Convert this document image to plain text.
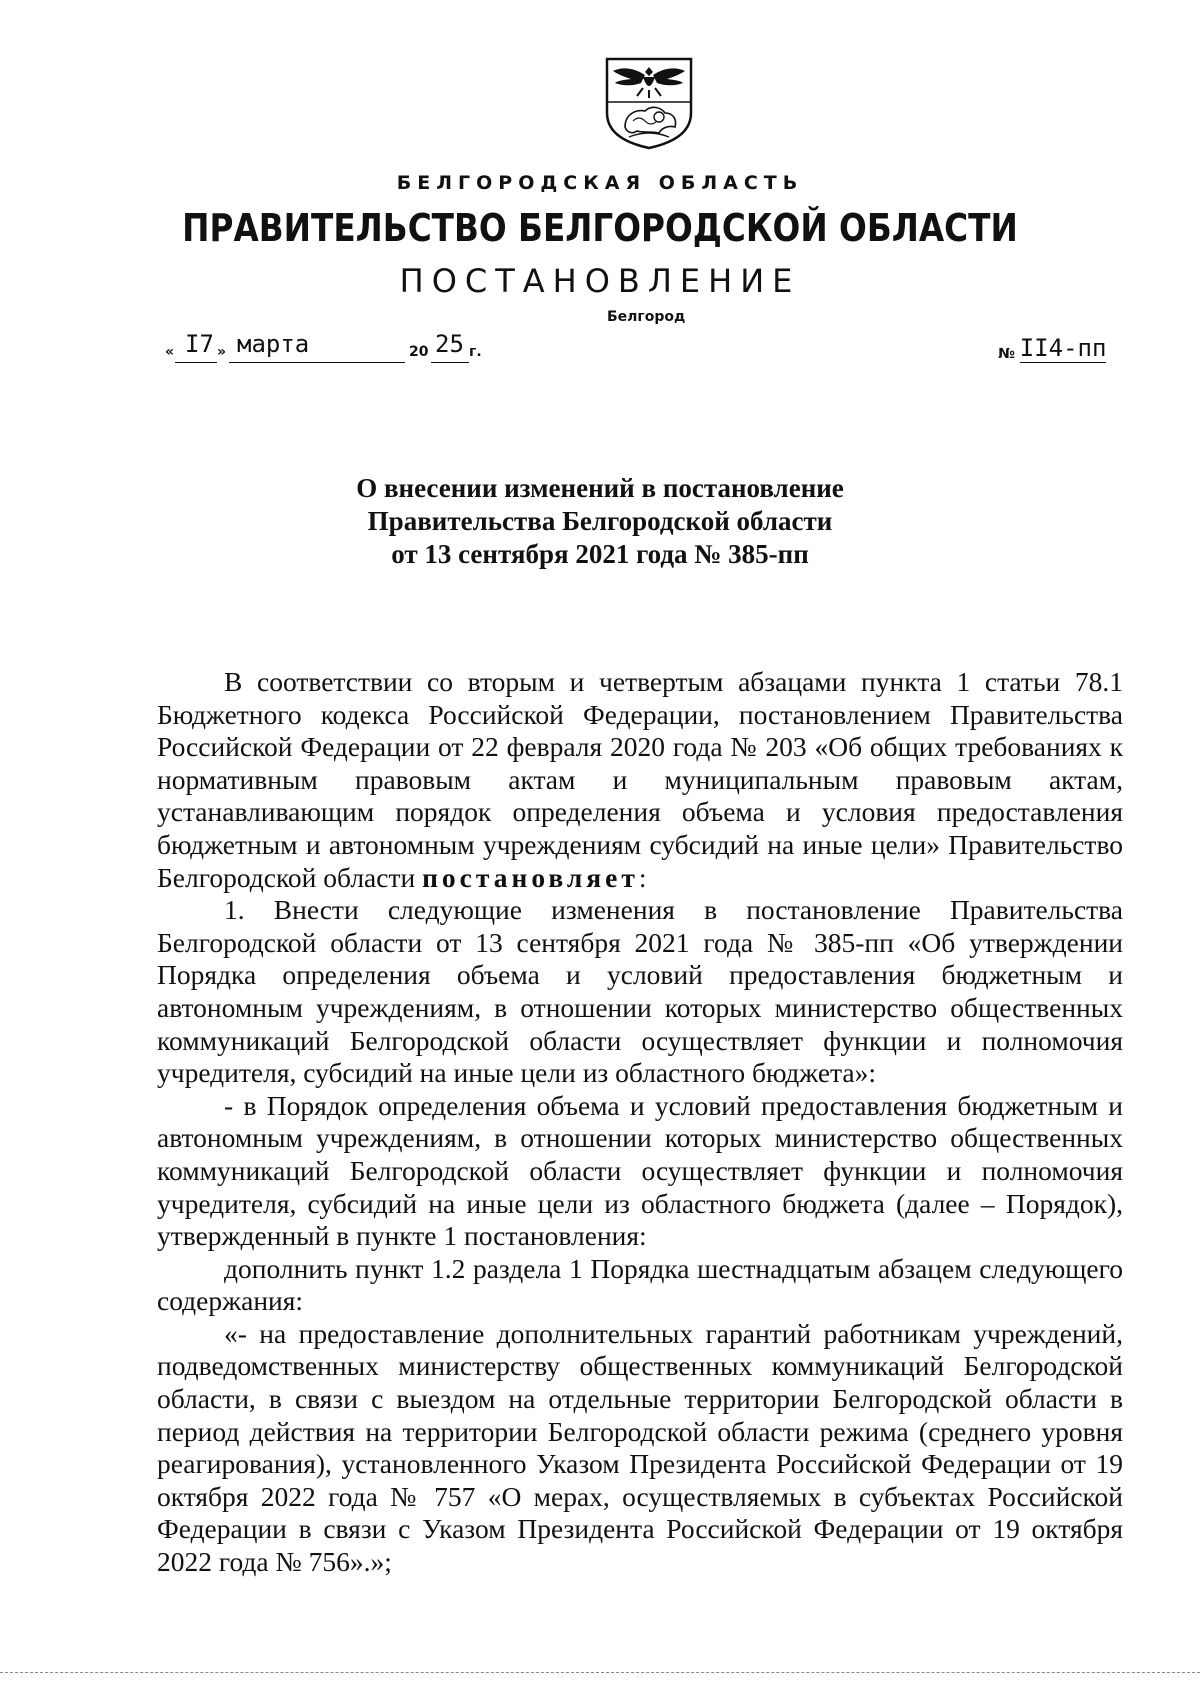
БЕЛГОРОДСКАЯ ОБЛАСТЬ
ПРАВИТЕЛЬСТВО БЕЛГОРОДСКОЙ ОБЛАСТИ
ПОСТАНОВЛЕНИЕ
Белгород
« I7 » марта	20 25 г.	№ II4-пп
О внесении изменений в постановление
Правительства Белгородской области
от 13 сентября 2021 года № 385-пп

В соответствии со вторым и четвертым абзацами пункта 1 статьи 78.1 Бюджетного кодекса Российской Федерации, постановлением Правительства Российской Федерации от 22 февраля 2020 года № 203 «Об общих требованиях к нормативным правовым актам и муниципальным правовым актам, устанавливающим порядок определения объема и условия предоставления бюджетным и автономным учреждениям субсидий на иные цели» Правительство Белгородской области постановляет:

1. Внести следующие изменения в постановление Правительства Белгородской области от 13 сентября 2021 года № 385-пп «Об утверждении Порядка определения объема и условий предоставления бюджетным и автономным учреждениям, в отношении которых министерство общественных коммуникаций Белгородской области осуществляет функции и полномочия учредителя, субсидий на иные цели из областного бюджета»:

- в Порядок определения объема и условий предоставления бюджетным и автономным учреждениям, в отношении которых министерство общественных коммуникаций Белгородской области осуществляет функции и полномочия учредителя, субсидий на иные цели из областного бюджета (далее – Порядок), утвержденный в пункте 1 постановления:

дополнить пункт 1.2 раздела 1 Порядка шестнадцатым абзацем следующего содержания:

«- на предоставление дополнительных гарантий работникам учреждений, подведомственных министерству общественных коммуникаций Белгородской области, в связи с выездом на отдельные территории Белгородской области в период действия на территории Белгородской области режима (среднего уровня реагирования), установленного Указом Президента Российской Федерации от 19 октября 2022 года № 757 «О мерах, осуществляемых в субъектах Российской Федерации в связи с Указом Президента Российской Федерации от 19 октября 2022 года № 756».»;
